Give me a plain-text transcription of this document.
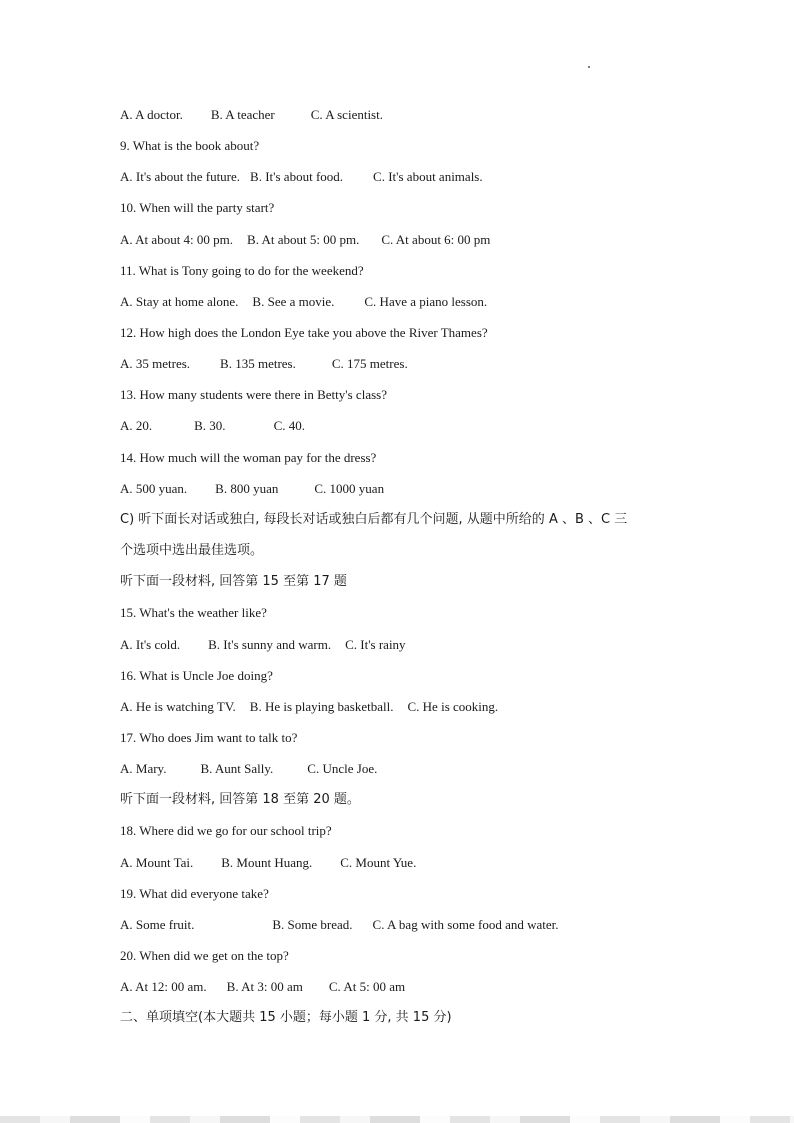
A. A doctor. B. A teacher	C. A scientist.
9. What is the book about?
A. It's about the future. B. It's about food. C. It's about animals.
10. When will the party start?
A. At about 4: 00 pm. B. At about 5: 00 pm. C. At about 6: 00 pm
11. What is Tony going to do for the weekend?
A. Stay at home alone. B. See a movie. C. Have a piano lesson.
12. How high does the London Eye take you above the River Thames?
A. 35 metres. B. 135 metres.	C. 175 metres.
13. How many students were there in Betty's class?
A. 20.	B. 30.	C. 40.
14. How much will the woman pay for the dress?
A. 500 yuan. B. 800 yuan	C. 1000 yuan
C) 听下面长对话或独白, 每段长对话或独白后都有几个问题, 从题中所给的 A 、B 、C 三
个选项中选出最佳选项。
听下面一段材料, 回答第 15 至第 17 题
15. What's the weather like?
A. It's cold. B. It's sunny and warm. C. It's rainy
16. What is Uncle Joe doing?
A. He is watching TV. B. He is playing basketball. C. He is cooking.
17. Who does Jim want to talk to?
A. Mary.	B. Aunt Sally.	C. Uncle Joe.
听下面一段材料, 回答第 18 至第 20 题。
18. Where did we go for our school trip?
A. Mount Tai. B. Mount Huang. C. Mount Yue.
19. What did everyone take?
A. Some fruit.	B. Some bread. C. A bag with some food and water.
20. When did we get on the top?
A. At 12: 00 am. B. At 3: 00 am C. At 5: 00 am
二、单项填空(本大题共 15 小题；每小题 1 分, 共 15 分)
